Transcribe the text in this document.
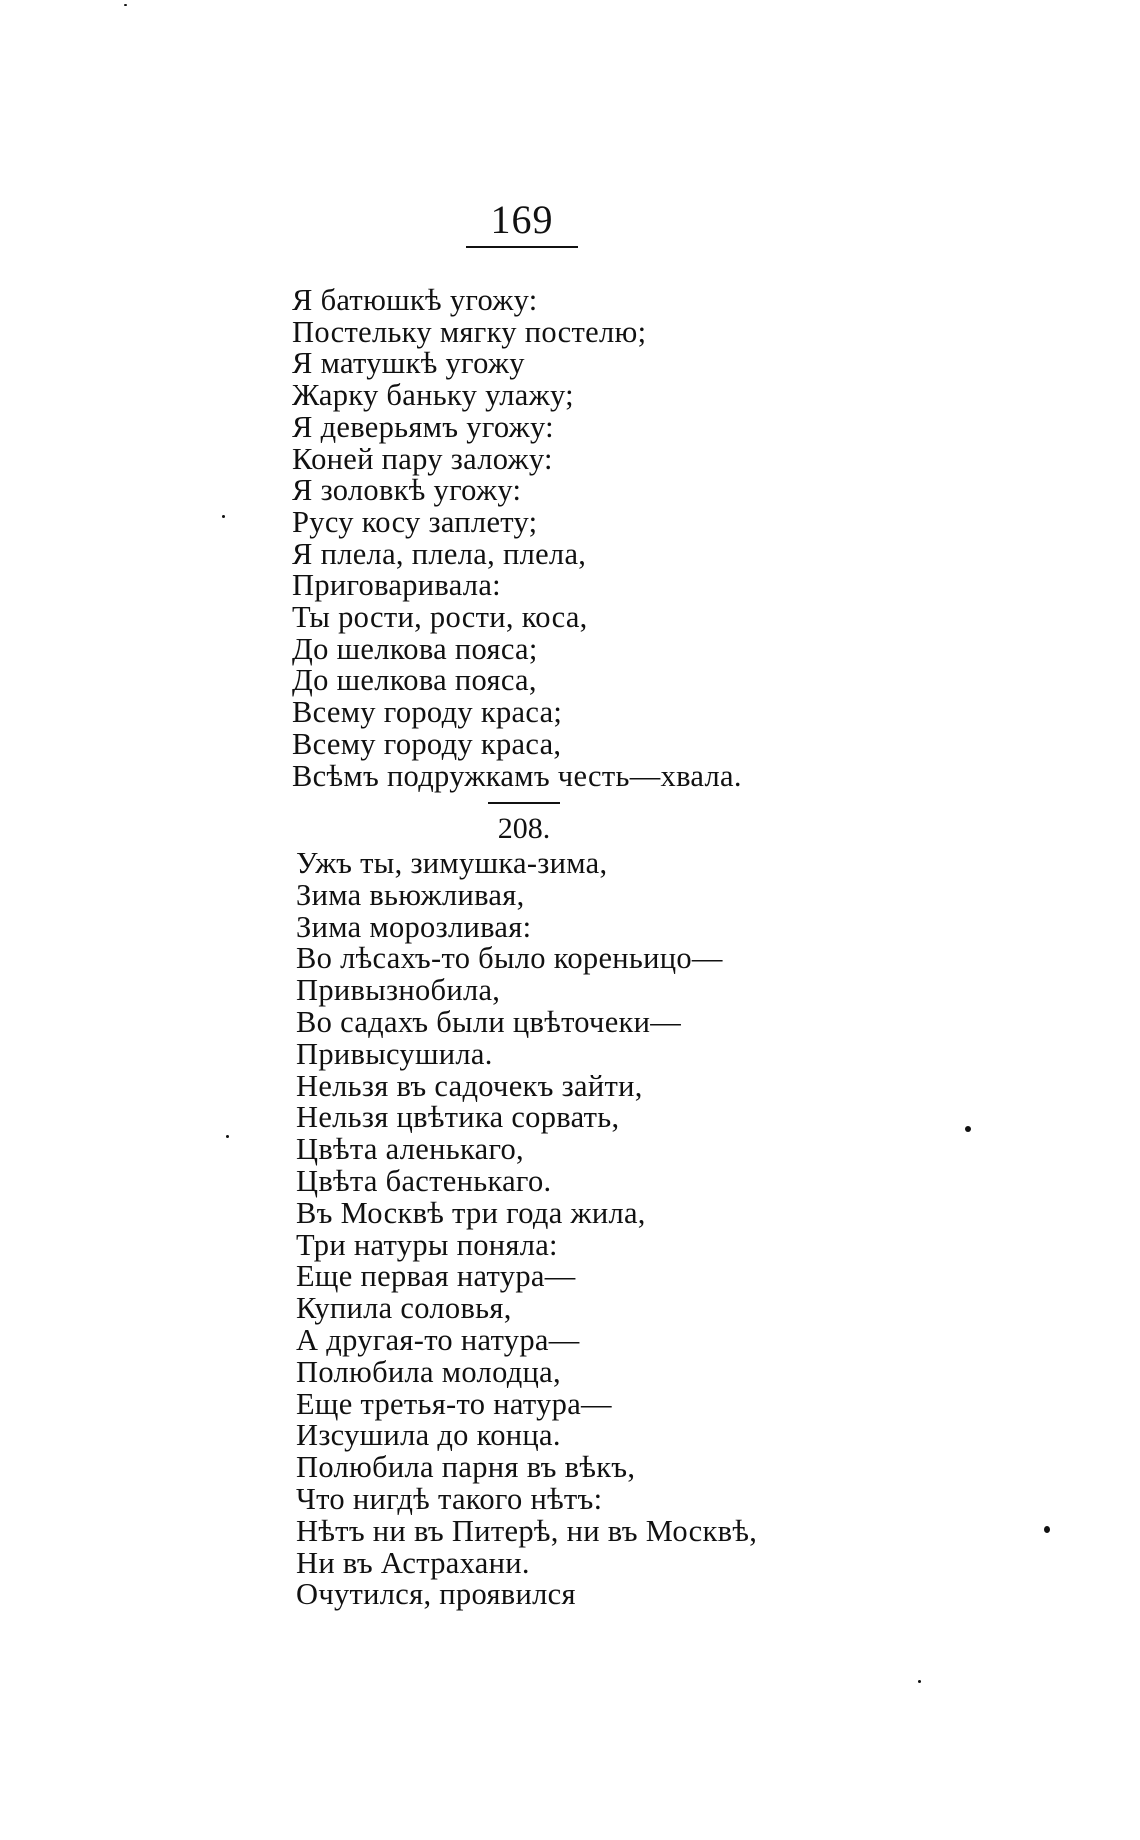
169
Я батюшкѣ угожу:
Постельку мягку постелю;
Я матушкѣ угожу
Жарку баньку улажу;
Я деверьямъ угожу:
Коней пару заложу:
Я золовкѣ угожу:
Русу косу заплету;
Я плела, плела, плела,
Приговаривала:
Ты рости, рости, коса,
До шелкова пояса;
До шелкова пояса,
Всему городу краса;
Всему городу краса,
Всѣмъ подружкамъ честь—хвала.
208.
Ужъ ты, зимушка-зима,
Зима вьюжливая,
Зима морозливая:
Во лѣсахъ-то было кореньицо—
Привызнобила,
Во садахъ были цвѣточеки—
Привысушила.
Нельзя въ садочекъ зайти,
Нельзя цвѣтика сорвать,
Цвѣта аленькаго,
Цвѣта бастенькаго.
Въ Москвѣ три года жила,
Три натуры поняла:
Еще первая натура—
Купила соловья,
А другая-то натура—
Полюбила молодца,
Еще третья-то натура—
Изсушила до конца.
Полюбила парня въ вѣкъ,
Что нигдѣ такого нѣтъ:
Нѣтъ ни въ Питерѣ, ни въ Москвѣ,
Ни въ Астрахани.
Очутился, проявился
